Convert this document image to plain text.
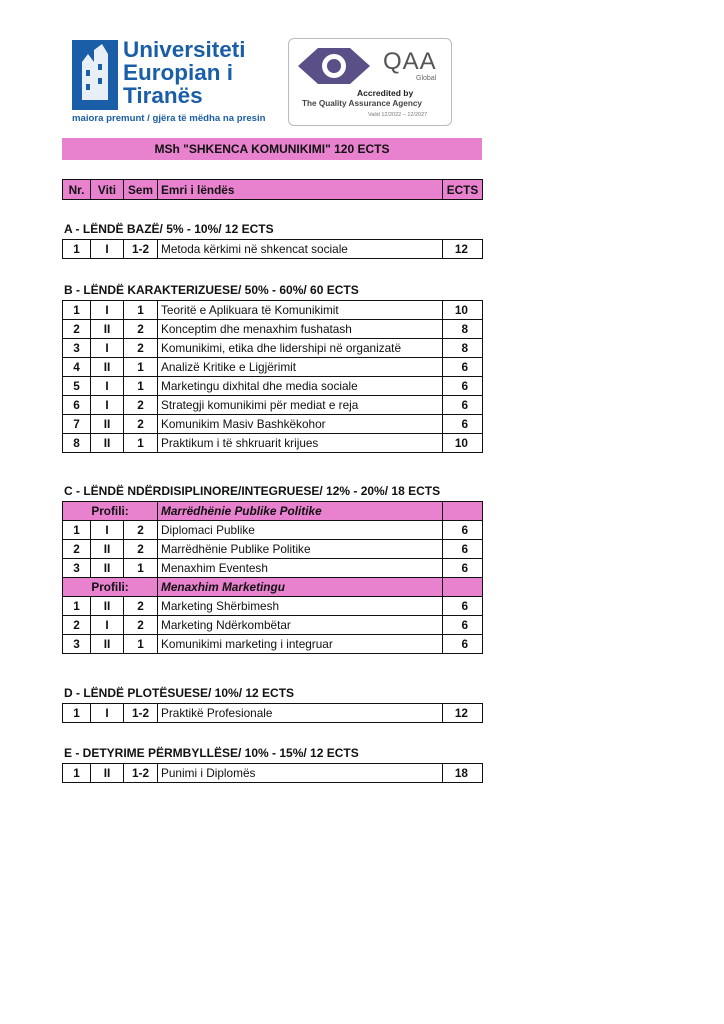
Universiteti
Europian i
Tiranës
maiora premunt / gjëra të mëdha na presin
QAA
Global
Accredited by
The Quality Assurance Agency
Valid 12/2022 – 12/2027
MSh "SHKENCA KOMUNIKIMI" 120 ECTS
Nr.	Viti	Sem	Emri i lëndës	ECTS
A - LËNDË BAZË/ 5% - 10%/ 12 ECTS
1	I	1-2	Metoda kërkimi në shkencat sociale	12
B - LËNDË KARAKTERIZUESE/ 50% - 60%/ 60 ECTS
1	I	1	Teoritë e Aplikuara të Komunikimit	10
2	II	2	Konceptim dhe menaxhim fushatash	8
3	I	2	Komunikimi, etika dhe lidershipi në organizatë	8
4	II	1	Analizë Kritike e Ligjërimit	6
5	I	1	Marketingu dixhital dhe media sociale	6
6	I	2	Strategji komunikimi për mediat e reja	6
7	II	2	Komunikim Masiv Bashkëkohor	6
8	II	1	Praktikum i të shkruarit krijues	10
C - LËNDË NDËRDISIPLINORE/INTEGRUESE/ 12% - 20%/ 18 ECTS
Profili:			Marrëdhënie Publike Politike	
1	I	2	Diplomaci Publike	6
2	II	2	Marrëdhënie Publike Politike	6
3	II	1	Menaxhim Eventesh	6
Profili:			Menaxhim Marketingu	
1	II	2	Marketing Shërbimesh	6
2	I	2	Marketing Ndërkombëtar	6
3	II	1	Komunikimi marketing i integruar	6
D - LËNDË PLOTËSUESE/ 10%/ 12 ECTS
1	I	1-2	Praktikë Profesionale	12
E - DETYRIME PËRMBYLLËSE/ 10% - 15%/ 12 ECTS
1	II	1-2	Punimi i Diplomës	18
